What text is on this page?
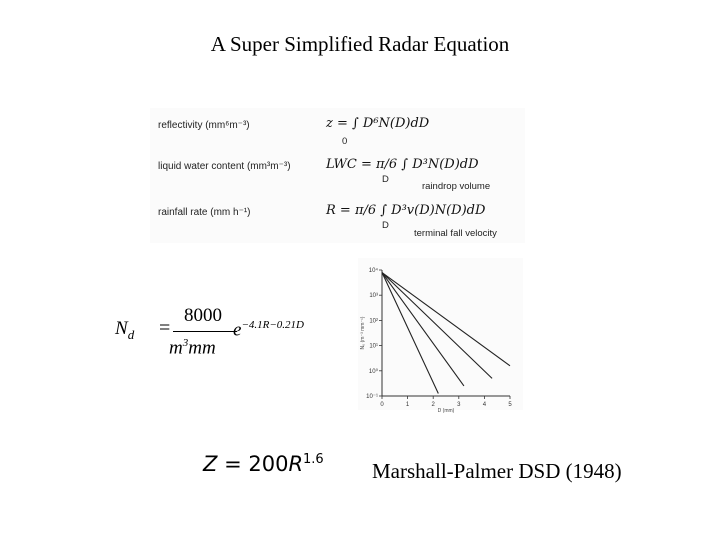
A Super Simplified Radar Equation
reflectivity (mm⁶m⁻³)	z = ∫ D⁶N(D)dD
0
liquid water content (mm³m⁻³)	LWC = π/6 ∫ D³N(D)dD
D
raindrop volume
rainfall rate (mm h⁻¹)	R = π/6 ∫ D³v(D)N(D)dD
D
terminal fall velocity
$N_d$ =
8000
$m^3mm$
$e^{-4.1R-0.21D}$
$Z = 200R^{1.6}$
0	1	2	3	4	5
10⁴
10³
10²
10¹
10⁰
10⁻¹
D (mm)
N₀ (m⁻³ mm⁻¹)
Marshall-Palmer DSD (1948)
